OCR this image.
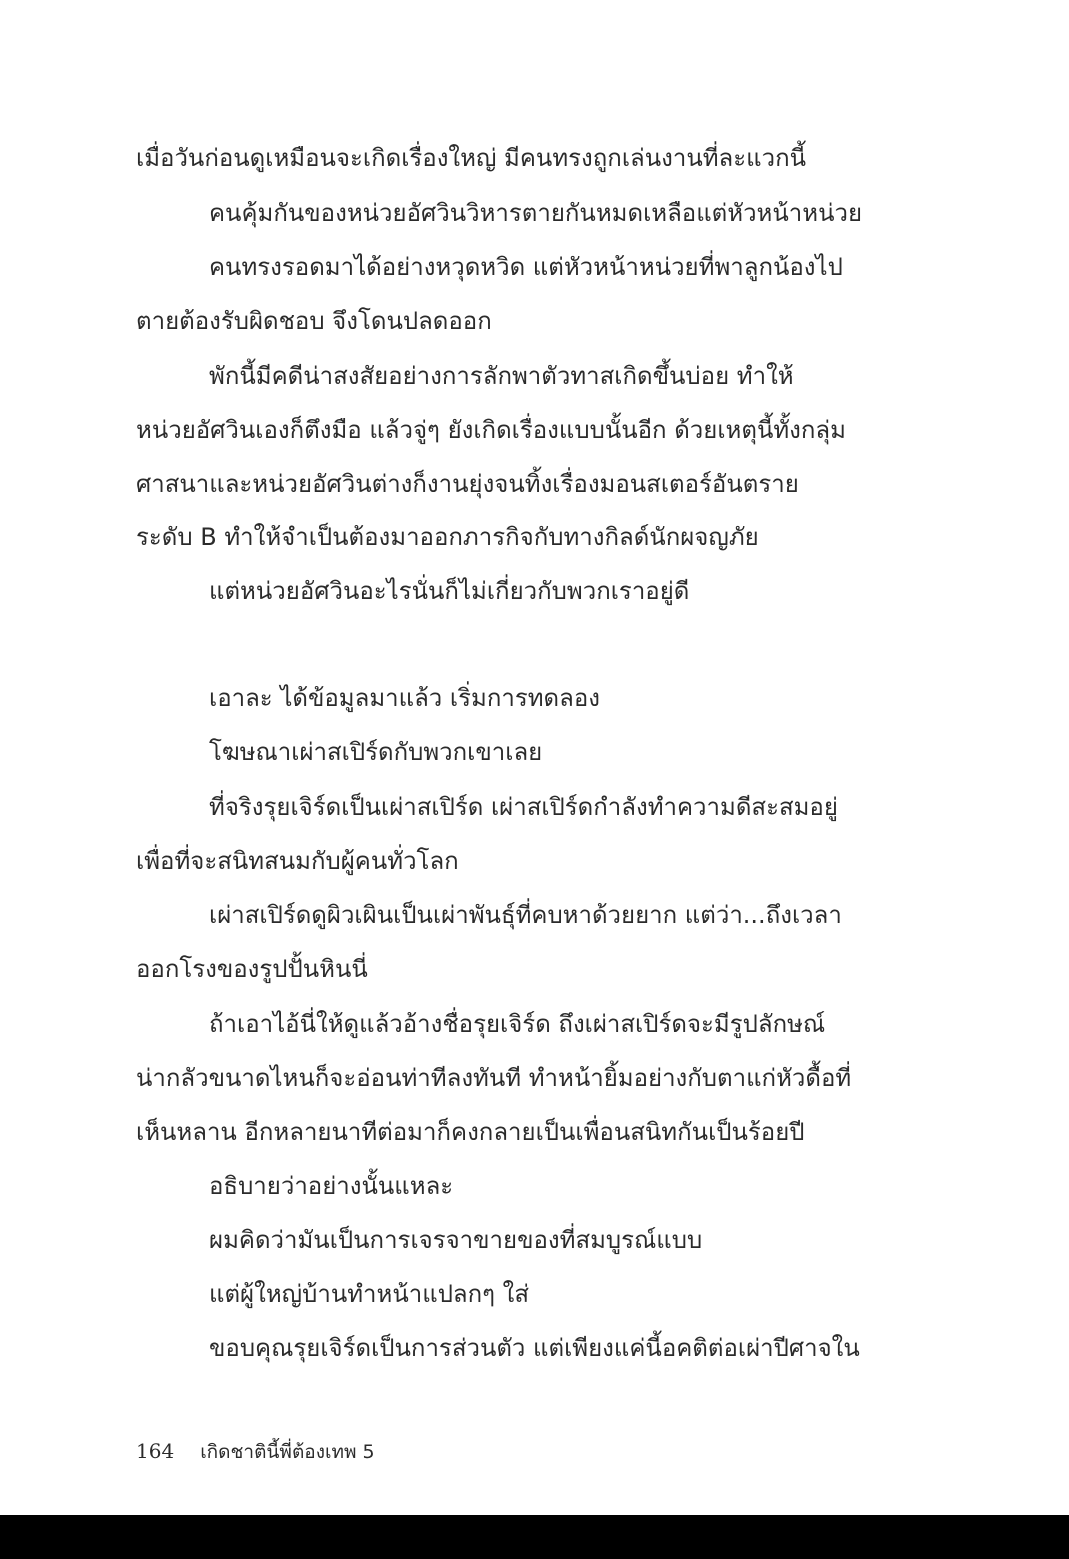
เมื่อวันก่อนดูเหมือนจะเกิดเรื่องใหญ่ มีคนทรงถูกเล่นงานที่ละแวกนี้
คนคุ้มกันของหน่วยอัศวินวิหารตายกันหมดเหลือแต่หัวหน้าหน่วย
คนทรงรอดมาได้อย่างหวุดหวิด แต่หัวหน้าหน่วยที่พาลูกน้องไป
ตายต้องรับผิดชอบ จึงโดนปลดออก
พักนี้มีคดีน่าสงสัยอย่างการลักพาตัวทาสเกิดขึ้นบ่อย ทำให้
หน่วยอัศวินเองก็ตึงมือ แล้วจู่ๆ ยังเกิดเรื่องแบบนั้นอีก ด้วยเหตุนี้ทั้งกลุ่ม
ศาสนาและหน่วยอัศวินต่างก็งานยุ่งจนทิ้งเรื่องมอนสเตอร์อันตราย
ระดับ B ทำให้จำเป็นต้องมาออกภารกิจกับทางกิลด์นักผจญภัย
แต่หน่วยอัศวินอะไรนั่นก็ไม่เกี่ยวกับพวกเราอยู่ดี
เอาละ ได้ข้อมูลมาแล้ว เริ่มการทดลอง
โฆษณาเผ่าสเปิร์ดกับพวกเขาเลย
ที่จริงรุยเจิร์ดเป็นเผ่าสเปิร์ด เผ่าสเปิร์ดกำลังทำความดีสะสมอยู่
เพื่อที่จะสนิทสนมกับผู้คนทั่วโลก
เผ่าสเปิร์ดดูผิวเผินเป็นเผ่าพันธุ์ที่คบหาด้วยยาก แต่ว่า...ถึงเวลา
ออกโรงของรูปปั้นหินนี่
ถ้าเอาไอ้นี่ให้ดูแล้วอ้างชื่อรุยเจิร์ด ถึงเผ่าสเปิร์ดจะมีรูปลักษณ์
น่ากลัวขนาดไหนก็จะอ่อนท่าทีลงทันที ทำหน้ายิ้มอย่างกับตาแก่หัวดื้อที่
เห็นหลาน อีกหลายนาทีต่อมาก็คงกลายเป็นเพื่อนสนิทกันเป็นร้อยปี
อธิบายว่าอย่างนั้นแหละ
ผมคิดว่ามันเป็นการเจรจาขายของที่สมบูรณ์แบบ
แต่ผู้ใหญ่บ้านทำหน้าแปลกๆ ใส่
ขอบคุณรุยเจิร์ดเป็นการส่วนตัว แต่เพียงแค่นี้อคติต่อเผ่าปีศาจใน
164 เกิดชาตินี้พี่ต้องเทพ 5
